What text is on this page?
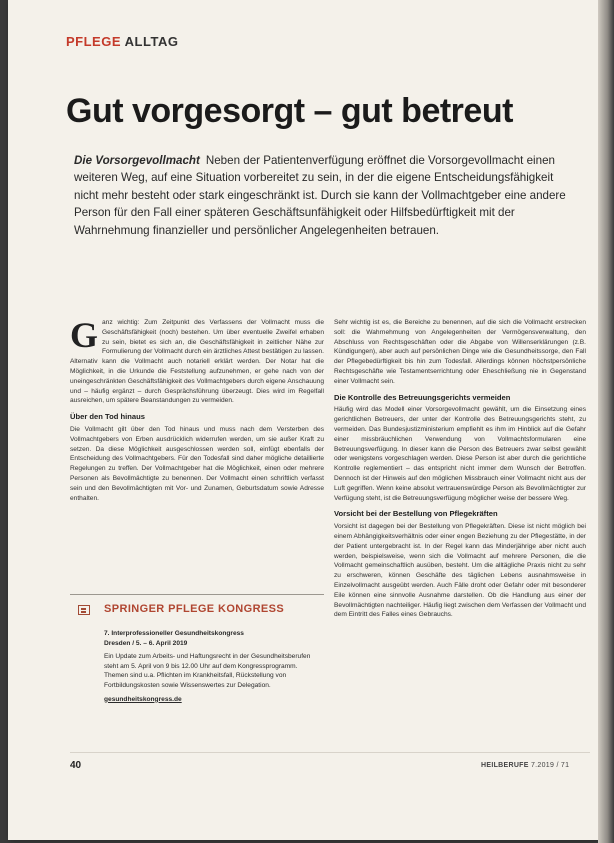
PFLEGE ALLTAG
Gut vorgesorgt – gut betreut
Die Vorsorgevollmacht Neben der Patientenverfügung eröffnet die Vorsorgevollmacht einen weiteren Weg, auf eine Situation vorbereitet zu sein, in der die eigene Entscheidungsfähigkeit nicht mehr besteht oder stark eingeschränkt ist. Durch sie kann der Vollmachtgeber eine andere Person für den Fall einer späteren Geschäftsunfähigkeit oder Hilfsbedürftigkeit mit der Wahrnehmung finanzieller und persönlicher Angelegenheiten betrauen.
G anz wichtig: Zum Zeitpunkt des Verfassens der Vollmacht muss die Geschäftsfähigkeit (noch) bestehen. Um über eventuelle Zweifel erhaben zu sein, bietet es sich an, die Geschäftsfähigkeit in zeitlicher Nähe zur Formulierung der Vollmacht durch ein ärztliches Attest bestätigen zu lassen. Alternativ kann die Vollmacht auch notariell erklärt werden. Der Notar hat die Möglichkeit, in die Urkunde die Feststellung aufzunehmen, er gehe nach von der uneingeschränkten Geschäftsfähigkeit des Vollmachtgebers durch eigene Anschauung und – häufig ergänzt – durch Gesprächsführung überzeugt. Dies wird im Regelfall ausreichen, um spätere Beanstandungen zu vermeiden.

Über den Tod hinaus

Die Vollmacht gilt über den Tod hinaus und muss nach dem Versterben des Vollmachtgebers von Erben ausdrücklich widerrufen werden, um sie außer Kraft zu setzen. Da diese Möglichkeit ausgeschlossen werden soll, einfügt ebenfalls der Entscheidung des Vollmachtgebers. Für den Todesfall sind daher mögliche detaillierte Regelungen zu treffen. Der Vollmachtgeber hat die Möglichkeit, einen oder mehrere Personen als Bevollmächtigte zu benennen. Der Vollmacht einen schriftlich verfasst sein und den Bevollmächtigten mit Vor- und Zunamen, Geburtsdatum sowie Adresse enthalten.

SPRINGER PFLEGE KONGRESS
7. Interprofessioneller Gesundheitskongress
Dresden / 5. – 6. April 2019
Ein Update zum Arbeits- und Haftungsrecht in der Gesundheitsberufen steht am 5. April von 9 bis 12.00 Uhr auf dem Kongressprogramm. Themen sind u.a. Pflichten im Krankheitsfall, Rückstellung von Fortbildungskosten sowie Wissenswertes zur Delegation.
gesundheitskongress.de

Sehr wichtig ist es, die Bereiche zu benennen, auf die sich die Vollmacht erstrecken soll: die Wahrnehmung von Angelegenheiten der Vermögensverwaltung, den Abschluss von Rechtsgeschäften oder die Abgabe von Willenserklärungen (z.B. Kündigungen), aber auch auf persönlichen Dinge wie die Gesundheitssorge, den Fall der Pflegebedürftigkeit bis hin zum Todesfall. Allerdings können höchstpersönliche Rechtsgeschäfte wie Testamentserrichtung oder Eheschließung nie in Gegenstand einer Vollmacht sein.

Die Kontrolle des Betreuungsgerichts vermeiden

Häufig wird das Modell einer Vorsorgevollmacht gewählt, um die Einsetzung eines gerichtlichen Betreuers, der unter der Kontrolle des Betreuungsgerichts steht, zu vermeiden. Das Bundesjustizministerium empfiehlt es ihm im Hinblick auf die Gefahr einer missbräuchlichen Verwendung von Vollmachtsformularen eine Betreuungsverfügung. In dieser kann die Person des Betreuers zwar selbst gewählt oder wenigstens vorgeschlagen werden. Diese Person ist aber durch die gerichtliche Kontrolle reglementiert – das entspricht nicht immer dem Wunsch der Betroffen. Dennoch ist der Hinweis auf den möglichen Missbrauch einer Vollmacht nicht aus der Luft gegriffen. Wenn keine absolut vertrauenswürdige Person als Bevollmächtigter zur Verfügung steht, ist die Betreuungsverfügung möglicher weise der bessere Weg.

Vorsicht bei der Bestellung von Pflegekräften

Vorsicht ist dagegen bei der Bestellung von Pflegekräften. Diese ist nicht möglich bei einem Abhängigkeitsverhältnis oder einer engen Beziehung zu der Pflegestätte, in der der Patient untergebracht ist. In der Regel kann das Minderjährige aber nicht auch werden, beispielsweise, wenn sich die Vollmacht auf mehrere Personen, die die Vollmacht gemeinschaftlich ausüben, besteht. Um die alltägliche Praxis nicht zu sehr zu erschweren, können Geschäfte des täglichen Lebens ausnahmsweise in Einzelvollmacht ausgeübt werden. Auch Fälle droht oder Gefahr oder mit besonderer Eile können eine sinnvolle Ausnahme darstellen. Ob die Handlung aus einer der Bevollmächtigten nachteiliger. Häufig liegt zwischen dem Verfassen der Vollmacht und dem Eintritt des Falles eines Gebrauchs.

40	HEILBERUFE 7.2019 / 71
